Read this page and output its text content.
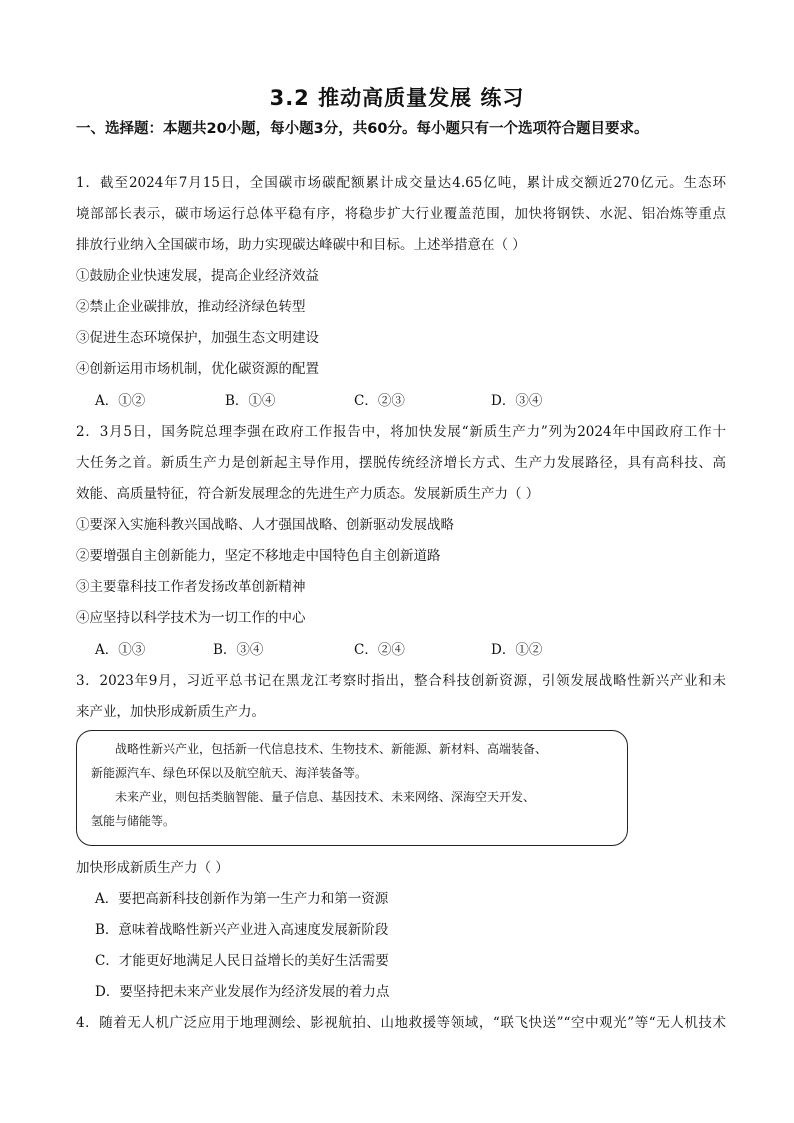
3.2 推动高质量发展 练习
一、选择题：本题共20小题，每小题3分，共60分。每小题只有一个选项符合题目要求。
1．截至2024年7月15日，全国碳市场碳配额累计成交量达4.65亿吨，累计成交额近270亿元。生态环
境部部长表示，碳市场运行总体平稳有序，将稳步扩大行业覆盖范围，加快将钢铁、水泥、铝冶炼等重点
排放行业纳入全国碳市场，助力实现碳达峰碳中和目标。上述举措意在（ ）
①鼓励企业快速发展，提高企业经济效益
②禁止企业碳排放，推动经济绿色转型
③促进生态环境保护，加强生态文明建设
④创新运用市场机制，优化碳资源的配置
A．①②	B．①④	C．②③	D．③④
2．3月5日，国务院总理李强在政府工作报告中，将加快发展“新质生产力”列为2024年中国政府工作十
大任务之首。新质生产力是创新起主导作用，摆脱传统经济增长方式、生产力发展路径，具有高科技、高
效能、高质量特征，符合新发展理念的先进生产力质态。发展新质生产力（ ）
①要深入实施科教兴国战略、人才强国战略、创新驱动发展战略
②要增强自主创新能力，坚定不移地走中国特色自主创新道路
③主要靠科技工作者发扬改革创新精神
④应坚持以科学技术为一切工作的中心
A．①③	B．③④	C．②④	D．①②
3．2023年9月，习近平总书记在黑龙江考察时指出，整合科技创新资源，引领发展战略性新兴产业和未
来产业，加快形成新质生产力。
战略性新兴产业，包括新一代信息技术、生物技术、新能源、新材料、高端装备、
新能源汽车、绿色环保以及航空航天、海洋装备等。
未来产业，则包括类脑智能、量子信息、基因技术、未来网络、深海空天开发、
氢能与储能等。
加快形成新质生产力（ ）
A．要把高新科技创新作为第一生产力和第一资源
B．意味着战略性新兴产业进入高速度发展新阶段
C．才能更好地满足人民日益增长的美好生活需要
D．要坚持把未来产业发展作为经济发展的着力点
4．随着无人机广泛应用于地理测绘、影视航拍、山地救援等领域，“联飞快送”“空中观光”等“无人机技术
